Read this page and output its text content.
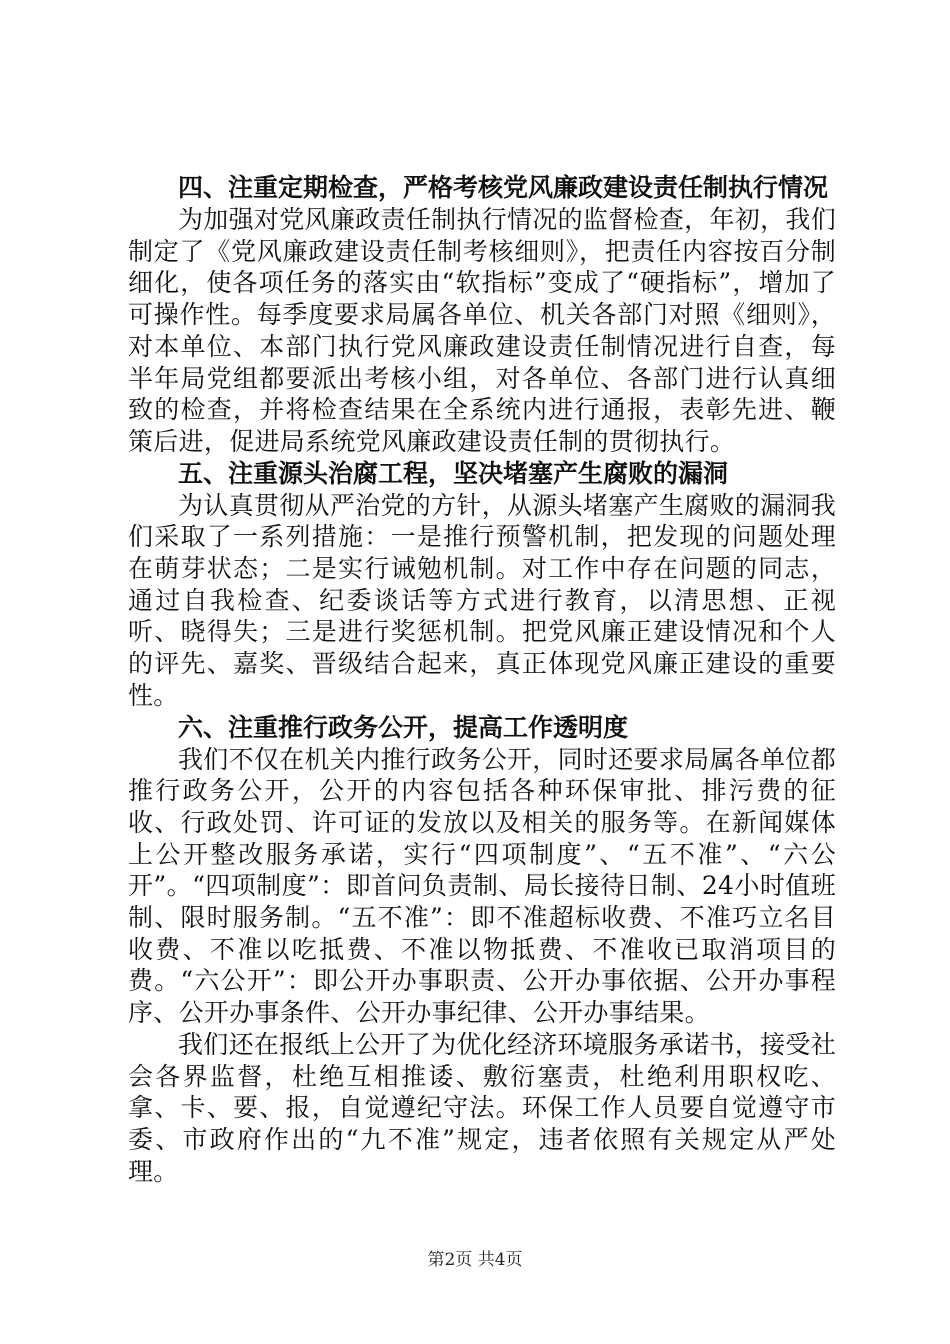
四、注重定期检查，严格考核党风廉政建设责任制执行情况

为加强对党风廉政责任制执行情况的监督检查，年初，我们制定了《党风廉政建设责任制考核细则》，把责任内容按百分制细化，使各项任务的落实由“软指标”变成了“硬指标”，增加了可操作性。每季度要求局属各单位、机关各部门对照《细则》，对本单位、本部门执行党风廉政建设责任制情况进行自查，每半年局党组都要派出考核小组，对各单位、各部门进行认真细致的检查，并将检查结果在全系统内进行通报，表彰先进、鞭策后进，促进局系统党风廉政建设责任制的贯彻执行。

五、注重源头治腐工程，坚决堵塞产生腐败的漏洞

为认真贯彻从严治党的方针，从源头堵塞产生腐败的漏洞我们采取了一系列措施：一是推行预警机制，把发现的问题处理在萌芽状态；二是实行诫勉机制。对工作中存在问题的同志，通过自我检查、纪委谈话等方式进行教育，以清思想、正视听、晓得失；三是进行奖惩机制。把党风廉正建设情况和个人的评先、嘉奖、晋级结合起来，真正体现党风廉正建设的重要性。

六、注重推行政务公开，提高工作透明度

我们不仅在机关内推行政务公开，同时还要求局属各单位都推行政务公开，公开的内容包括各种环保审批、排污费的征收、行政处罚、许可证的发放以及相关的服务等。在新闻媒体上公开整改服务承诺，实行“四项制度”、“五不准”、“六公开”。“四项制度”：即首问负责制、局长接待日制、24小时值班制、限时服务制。“五不准”：即不准超标收费、不准巧立名目收费、不准以吃抵费、不准以物抵费、不准收已取消项目的费。“六公开”：即公开办事职责、公开办事依据、公开办事程序、公开办事条件、公开办事纪律、公开办事结果。

我们还在报纸上公开了为优化经济环境服务承诺书，接受社会各界监督，杜绝互相推诿、敷衍塞责，杜绝利用职权吃、拿、卡、要、报，自觉遵纪守法。环保工作人员要自觉遵守市委、市政府作出的“九不准”规定，违者依照有关规定从严处理。

第2页 共4页
